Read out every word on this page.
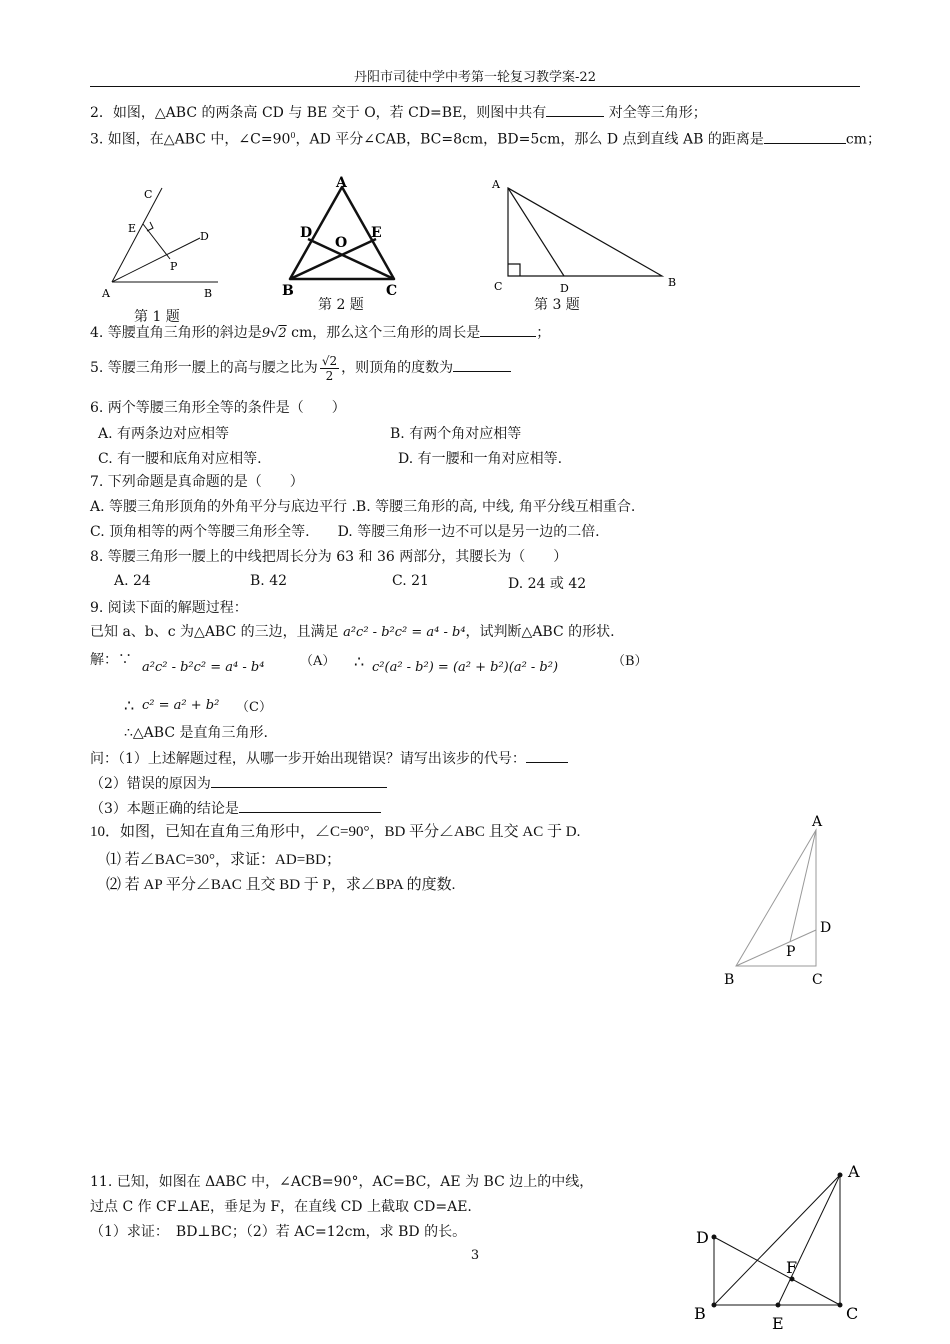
丹阳市司徒中学中考第一轮复习教学案-22
2．如图，△ABC 的两条高 CD 与 BE 交于 O，若 CD=BE，则图中共有	对全等三角形；
3. 如图，在△ABC 中，$\angle C=90^0$，AD 平分∠CAB，BC=8cm，BD=5cm，那么 D 点到直线 AB 的距离是	cm；
A	B
C
D
E
P
第 1 题
A
B	C
D	E
O
第 2 题
A
B
C	D
第 3 题
4. 等腰直角三角形的斜边是9√2 cm，那么这个三角形的周长是	；
5. 等腰三角形一腰上的高与腰之比为 $\frac{√2}{2}$ ，则顶角的度数为
6. 两个等腰三角形全等的条件是（　　）
A. 有两条边对应相等	B. 有两个角对应相等
C. 有一腰和底角对应相等.	D. 有一腰和一角对应相等.
7. 下列命题是真命题的是（　　）
A. 等腰三角形顶角的外角平分与底边平行 .B. 等腰三角形的高, 中线, 角平分线互相重合.
C. 顶角相等的两个等腰三角形全等.　　D. 等腰三角形一边不可以是另一边的二倍.
8. 等腰三角形一腰上的中线把周长分为 63 和 36 两部分，其腰长为（　　）
A. 24	B. 42	C. 21	D. 24 或 42
9. 阅读下面的解题过程：
已知 a、b、c 为△ABC 的三边，且满足 a²c² - b²c² = a⁴ - b⁴，试判断△ABC 的形状.
解：∵ a²c² - b²c² = a⁴ - b⁴	（A） ∴ c²(a² - b²) = (a² + b²)(a² - b²)	（B）
∴ c² = a² + b² （C）
∴△ABC 是直角三角形.
问：（1）上述解题过程，从哪一步开始出现错误？请写出该步的代号：
（2）错误的原因为
（3）本题正确的结论是
10．如图，已知在直角三角形中，∠C=90°，BD 平分∠ABC 且交 AC 于 D.
⑴ 若∠BAC=30°，求证：AD=BD；
⑵ 若 AP 平分∠BAC 且交 BD 于 P，求∠BPA 的度数.
A
B	C
D
P
11. 已知，如图在 ΔABC 中，∠ACB=90°，AC=BC，AE 为 BC 边上的中线，
过点 C 作 CF⊥AE，垂足为 F，在直线 CD 上截取 CD=AE.
（1）求证：　BD⊥BC；（2）若 AC=12cm，求 BD 的长。
A
B	C
D
E
F
3
